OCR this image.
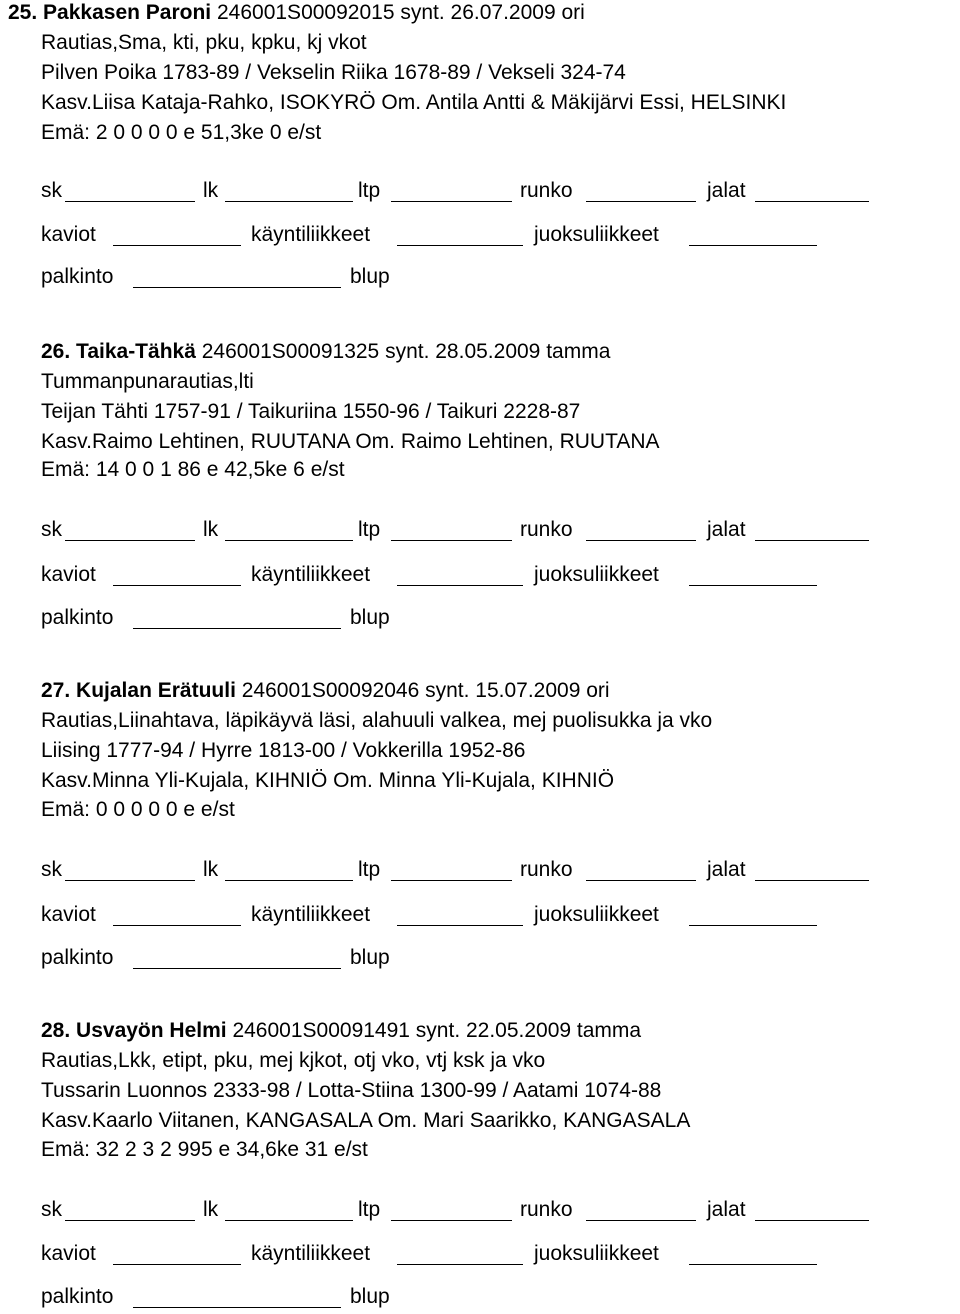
25. Pakkasen Paroni 246001S00092015 synt. 26.07.2009 ori
Rautias,Sma, kti, pku, kpku, kj vkot
Pilven Poika 1783-89 / Vekselin Riika 1678-89 / Vekseli 324-74
Kasv.Liisa Kataja-Rahko, ISOKYRÖ Om. Antila Antti & Mäkijärvi Essi, HELSINKI
Emä: 2 0 0 0 0 e 51,3ke 0 e/st
sk	lk	ltp	runko	jalat
kaviot	käyntiliikkeet	juoksuliikkeet
palkinto	blup
26. Taika-Tähkä 246001S00091325 synt. 28.05.2009 tamma
Tummanpunarautias,lti
Teijan Tähti 1757-91 / Taikuriina 1550-96 / Taikuri 2228-87
Kasv.Raimo Lehtinen, RUUTANA Om. Raimo Lehtinen, RUUTANA
Emä: 14 0 0 1 86 e 42,5ke 6 e/st
sk	lk	ltp	runko	jalat
kaviot	käyntiliikkeet	juoksuliikkeet
palkinto	blup
27. Kujalan Erätuuli 246001S00092046 synt. 15.07.2009 ori
Rautias,Liinahtava, läpikäyvä läsi, alahuuli valkea, mej puolisukka ja vko
Liising 1777-94 / Hyrre 1813-00 / Vokkerilla 1952-86
Kasv.Minna Yli-Kujala, KIHNIÖ Om. Minna Yli-Kujala, KIHNIÖ
Emä: 0 0 0 0 0 e e/st
sk	lk	ltp	runko	jalat
kaviot	käyntiliikkeet	juoksuliikkeet
palkinto	blup
28. Usvayön Helmi 246001S00091491 synt. 22.05.2009 tamma
Rautias,Lkk, etipt, pku, mej kjkot, otj vko, vtj ksk ja vko
Tussarin Luonnos 2333-98 / Lotta-Stiina 1300-99 / Aatami 1074-88
Kasv.Kaarlo Viitanen, KANGASALA Om. Mari Saarikko, KANGASALA
Emä: 32 2 3 2 995 e 34,6ke 31 e/st
sk	lk	ltp	runko	jalat
kaviot	käyntiliikkeet	juoksuliikkeet
palkinto	blup
